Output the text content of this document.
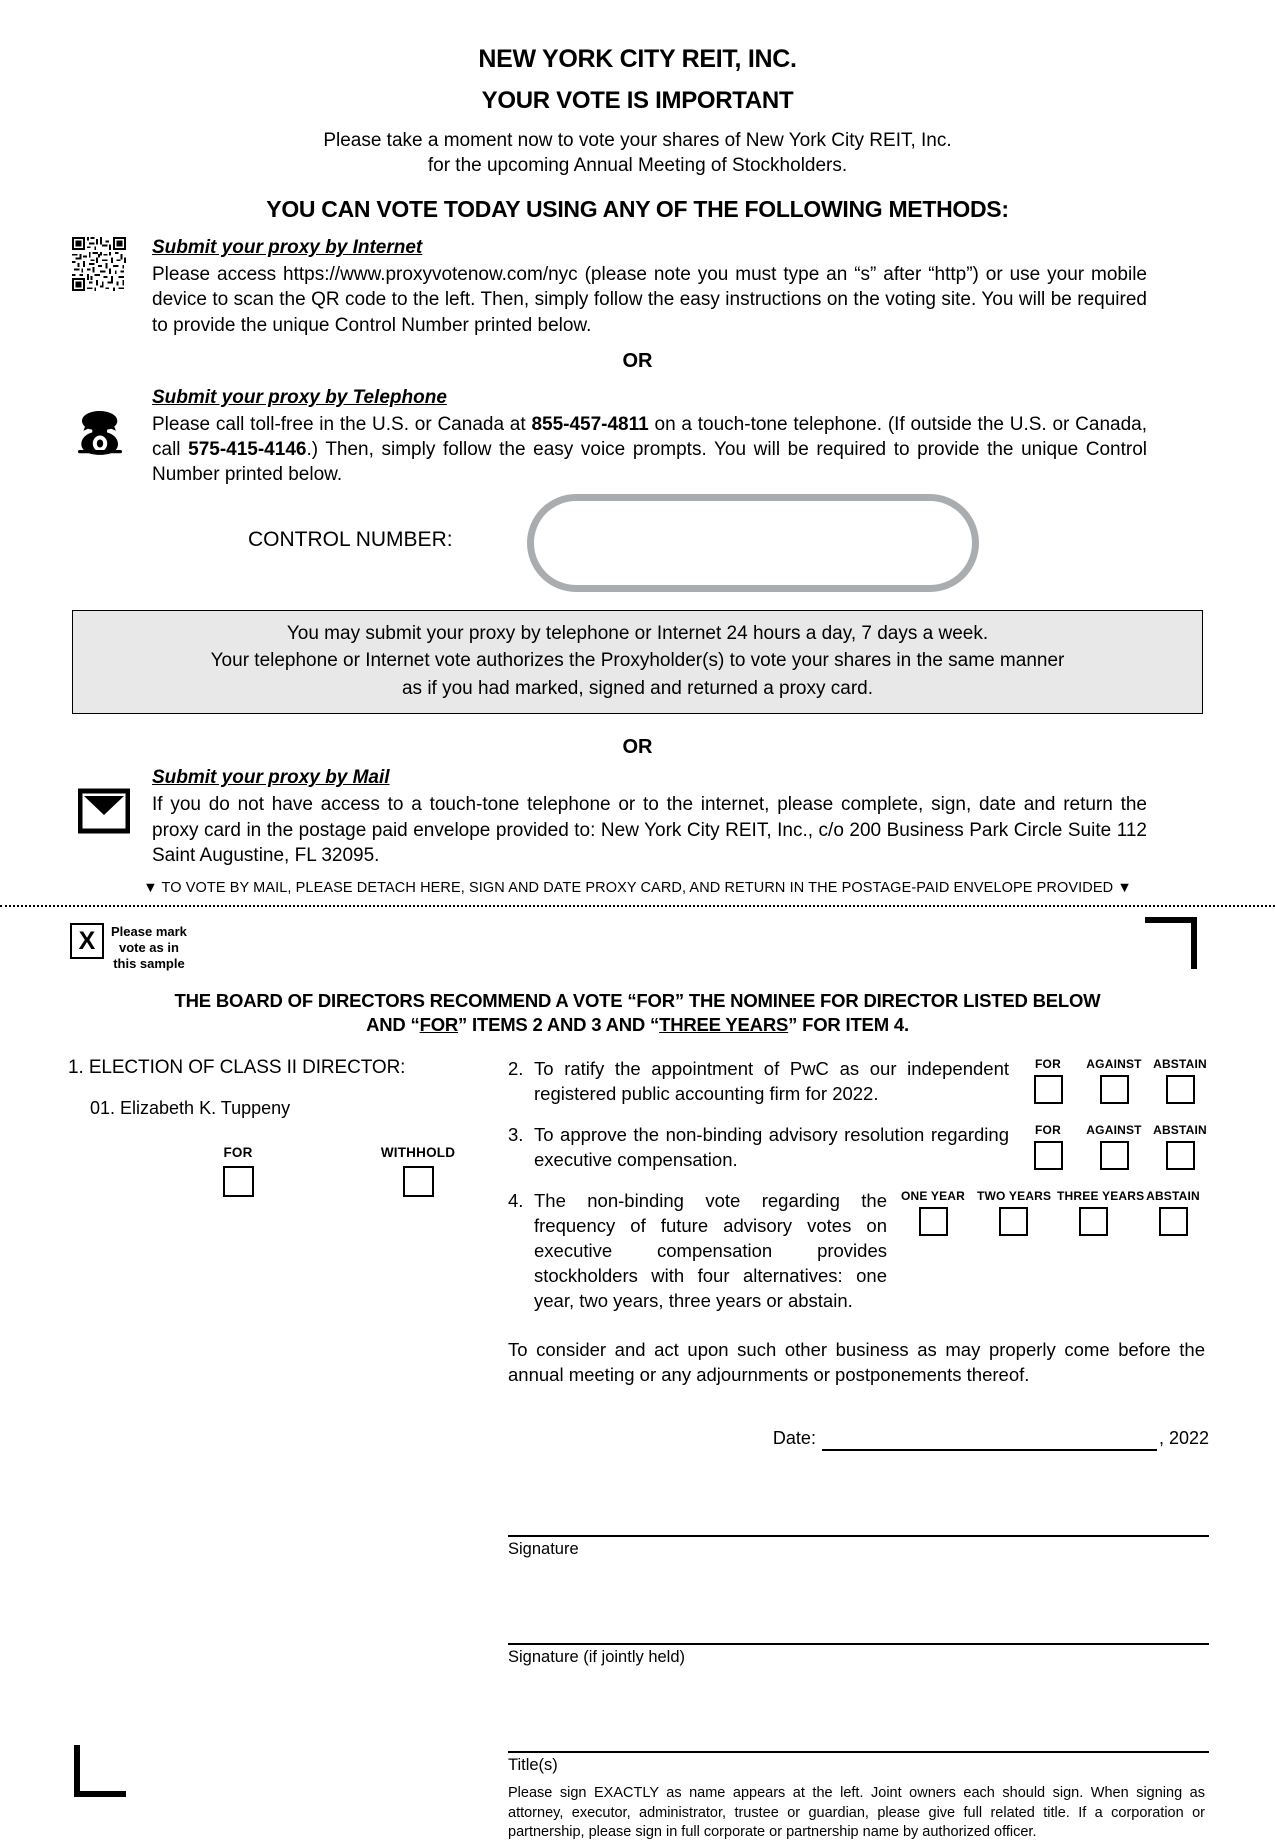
NEW YORK CITY REIT, INC.
YOUR VOTE IS IMPORTANT
Please take a moment now to vote your shares of New York City REIT, Inc.
for the upcoming Annual Meeting of Stockholders.
YOU CAN VOTE TODAY USING ANY OF THE FOLLOWING METHODS:
Submit your proxy by Internet
Please access https://www.proxyvotenow.com/nyc (please note you must type an “s” after “http”) or use your mobile device to scan the QR code to the left. Then, simply follow the easy instructions on the voting site. You will be required to provide the unique Control Number printed below.
OR
Submit your proxy by Telephone
Please call toll-free in the U.S. or Canada at 855-457-4811 on a touch-tone telephone. (If outside the U.S. or Canada, call 575-415-4146.) Then, simply follow the easy voice prompts. You will be required to provide the unique Control Number printed below.
CONTROL NUMBER:
You may submit your proxy by telephone or Internet 24 hours a day, 7 days a week.
Your telephone or Internet vote authorizes the Proxyholder(s) to vote your shares in the same manner
as if you had marked, signed and returned a proxy card.
OR
Submit your proxy by Mail
If you do not have access to a touch-tone telephone or to the internet, please complete, sign, date and return the proxy card in the postage paid envelope provided to: New York City REIT, Inc., c/o 200 Business Park Circle Suite 112 Saint Augustine, FL 32095.
▼ TO VOTE BY MAIL, PLEASE DETACH HERE, SIGN AND DATE PROXY CARD, AND RETURN IN THE POSTAGE-PAID ENVELOPE PROVIDED ▼
X	Please mark
vote as in
this sample
THE BOARD OF DIRECTORS RECOMMEND A VOTE “FOR” THE NOMINEE FOR DIRECTOR LISTED BELOW
AND “FOR” ITEMS 2 AND 3 AND “THREE YEARS” FOR ITEM 4.
1. ELECTION OF CLASS II DIRECTOR:
01. Elizabeth K. Tuppeny
FOR	WITHHOLD
2. To ratify the appointment of PwC as our independent registered public accounting firm for 2022.
FOR	AGAINST ABSTAIN
3. To approve the non-binding advisory resolution regarding executive compensation.
FOR	AGAINST ABSTAIN
4. The non-binding vote regarding the frequency of future advisory votes on executive compensation provides stockholders with four alternatives: one year, two years, three years or abstain.
ONE YEAR TWO YEARS THREE YEARS ABSTAIN
To consider and act upon such other business as may properly come before the annual meeting or any adjournments or postponements thereof.
Date:	, 2022
Signature
Signature (if jointly held)
Title(s)
Please sign EXACTLY as name appears at the left. Joint owners each should sign. When signing as attorney, executor, administrator, trustee or guardian, please give full related title. If a corporation or partnership, please sign in full corporate or partnership name by authorized officer.
